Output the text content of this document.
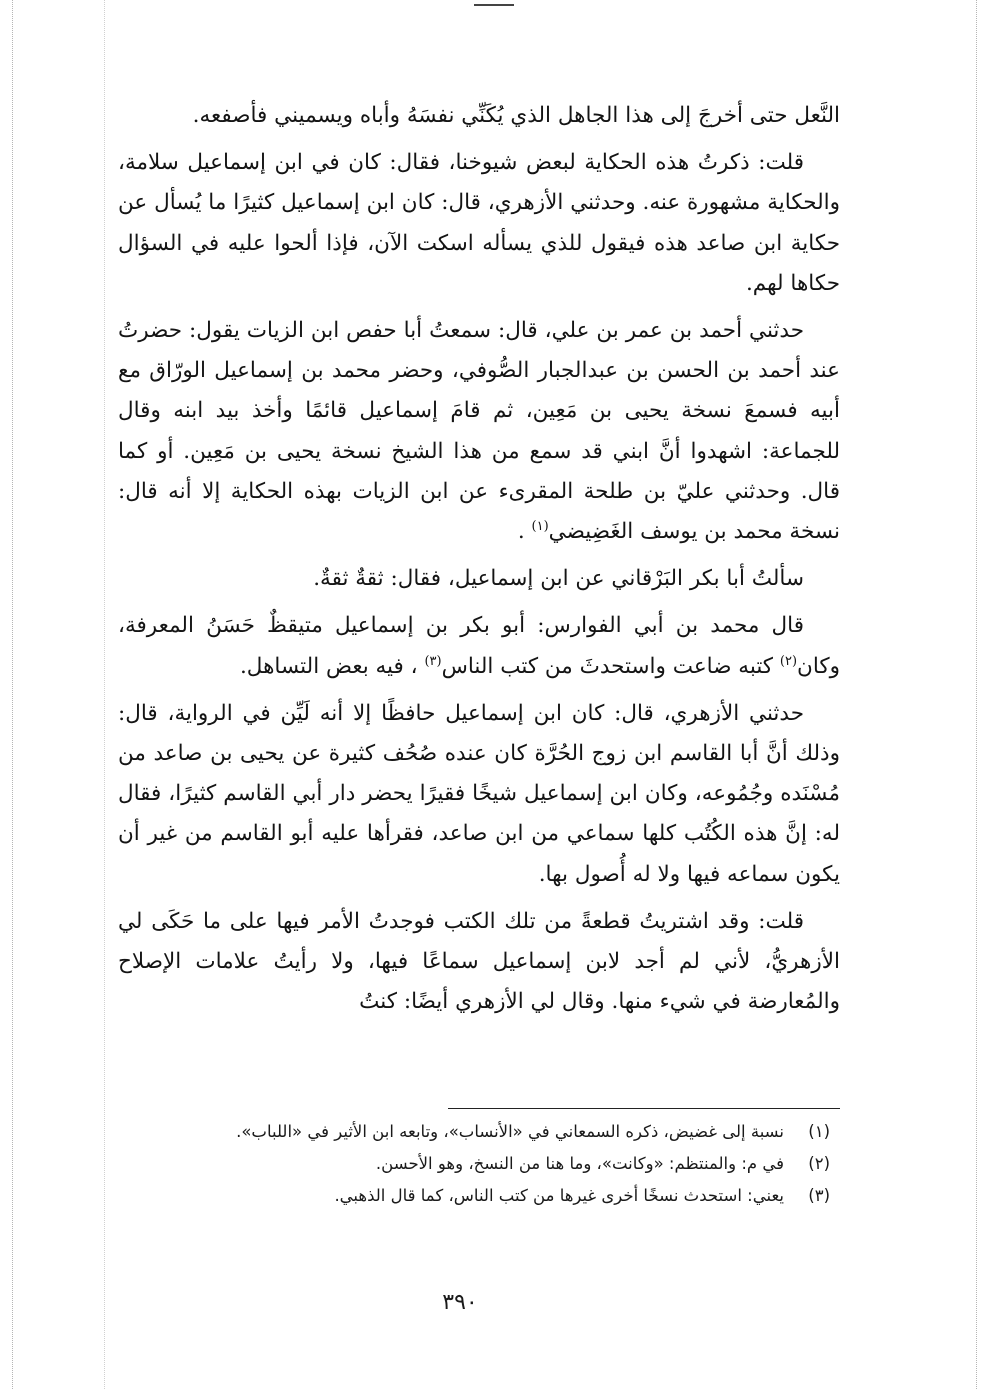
النَّعل حتى أخرجَ إلى هذا الجاهل الذي يُكَنِّي نفسَهُ وأباه ويسميني فأصفعه.

قلت: ذكرتُ هذه الحكاية لبعض شيوخنا، فقال: كان في ابن إسماعيل سلامة، والحكاية مشهورة عنه. وحدثني الأزهري، قال: كان ابن إسماعيل كثيرًا ما يُسأل عن حكاية ابن صاعد هذه فيقول للذي يسأله اسكت الآن، فإذا ألحوا عليه في السؤال حكاها لهم.

حدثني أحمد بن عمر بن علي، قال: سمعتُ أبا حفص ابن الزيات يقول: حضرتُ عند أحمد بن الحسن بن عبدالجبار الصُّوفي، وحضر محمد بن إسماعيل الورّاق مع أبيه فسمعَ نسخة يحيى بن مَعِين، ثم قامَ إسماعيل قائمًا وأخذ بيد ابنه وقال للجماعة: اشهدوا أنَّ ابني قد سمع من هذا الشيخ نسخة يحيى بن مَعِين. أو كما قال. وحدثني عليّ بن طلحة المقرىء عن ابن الزيات بهذه الحكاية إلا أنه قال: نسخة محمد بن يوسف الغَضِيضي$^{(١)}$ .

سألتُ أبا بكر البَرْقاني عن ابن إسماعيل، فقال: ثقةٌ ثقةٌ.

قال محمد بن أبي الفوارس: أبو بكر بن إسماعيل متيقظٌ حَسَنُ المعرفة، وكان$^{(٢)}$ كتبه ضاعت واستحدثَ من كتب الناس$^{(٣)}$ ، فيه بعض التساهل.

حدثني الأزهري، قال: كان ابن إسماعيل حافظًا إلا أنه لَيِّن في الرواية، قال: وذلك أنَّ أبا القاسم ابن زوج الحُرَّة كان عنده صُحُف كثيرة عن يحيى بن صاعد من مُسْنَده وجُمُوعه، وكان ابن إسماعيل شيخًا فقيرًا يحضر دار أبي القاسم كثيرًا، فقال له: إنَّ هذه الكُتُب كلها سماعي من ابن صاعد، فقرأها عليه أبو القاسم من غير أن يكون سماعه فيها ولا له أُصول بها.

قلت: وقد اشتريتُ قطعةً من تلك الكتب فوجدتُ الأمر فيها على ما حَكَى لي الأزهريُّ، لأني لم أجد لابن إسماعيل سماعًا فيها، ولا رأيتُ علامات الإصلاح والمُعارضة في شيء منها. وقال لي الأزهري أيضًا: كنتُ

(١)
نسبة إلى غضيض، ذكره السمعاني في «الأنساب»، وتابعه ابن الأثير في «اللباب».
(٢)
في م: والمنتظم: «وكانت»، وما هنا من النسخ، وهو الأحسن.
(٣)
يعني: استحدث نسخًا أخرى غيرها من كتب الناس، كما قال الذهبي.
٣٩٠
